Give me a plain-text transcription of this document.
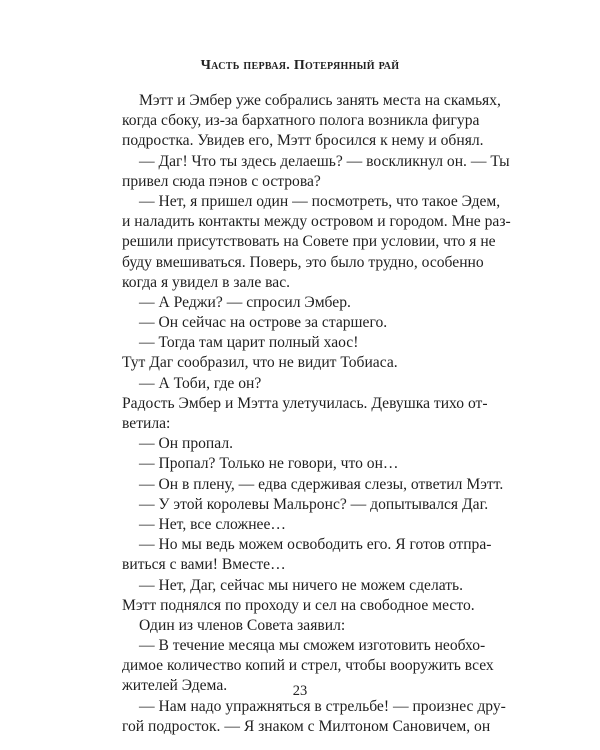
Часть первая. Потерянный рай
Мэтт и Эмбер уже собрались занять места на скамьях,
когда сбоку, из-за бархатного полога возникла фигура
подростка. Увидев его, Мэтт бросился к нему и обнял.
— Даг! Что ты здесь делаешь? — воскликнул он. — Ты
привел сюда пэнов с острова?
— Нет, я пришел один — посмотреть, что такое Эдем,
и наладить контакты между островом и городом. Мне раз-
решили присутствовать на Совете при условии, что я не
буду вмешиваться. Поверь, это было трудно, особенно
когда я увидел в зале вас.
— А Реджи? — спросил Эмбер.
— Он сейчас на острове за старшего.
— Тогда там царит полный хаос!
Тут Даг сообразил, что не видит Тобиаса.
— А Тоби, где он?
Радость Эмбер и Мэтта улетучилась. Девушка тихо от-
ветила:
— Он пропал.
— Пропал? Только не говори, что он…
— Он в плену, — едва сдерживая слезы, ответил Мэтт.
— У этой королевы Мальронс? — допытывался Даг.
— Нет, все сложнее…
— Но мы ведь можем освободить его. Я готов отпра-
виться с вами! Вместе…
— Нет, Даг, сейчас мы ничего не можем сделать.
Мэтт поднялся по проходу и сел на свободное место.
Один из членов Совета заявил:
— В течение месяца мы сможем изготовить необхо-
димое количество копий и стрел, чтобы вооружить всех
жителей Эдема.
— Нам надо упражняться в стрельбе! — произнес дру-
гой подросток. — Я знаком с Милтоном Сановичем, он
23
